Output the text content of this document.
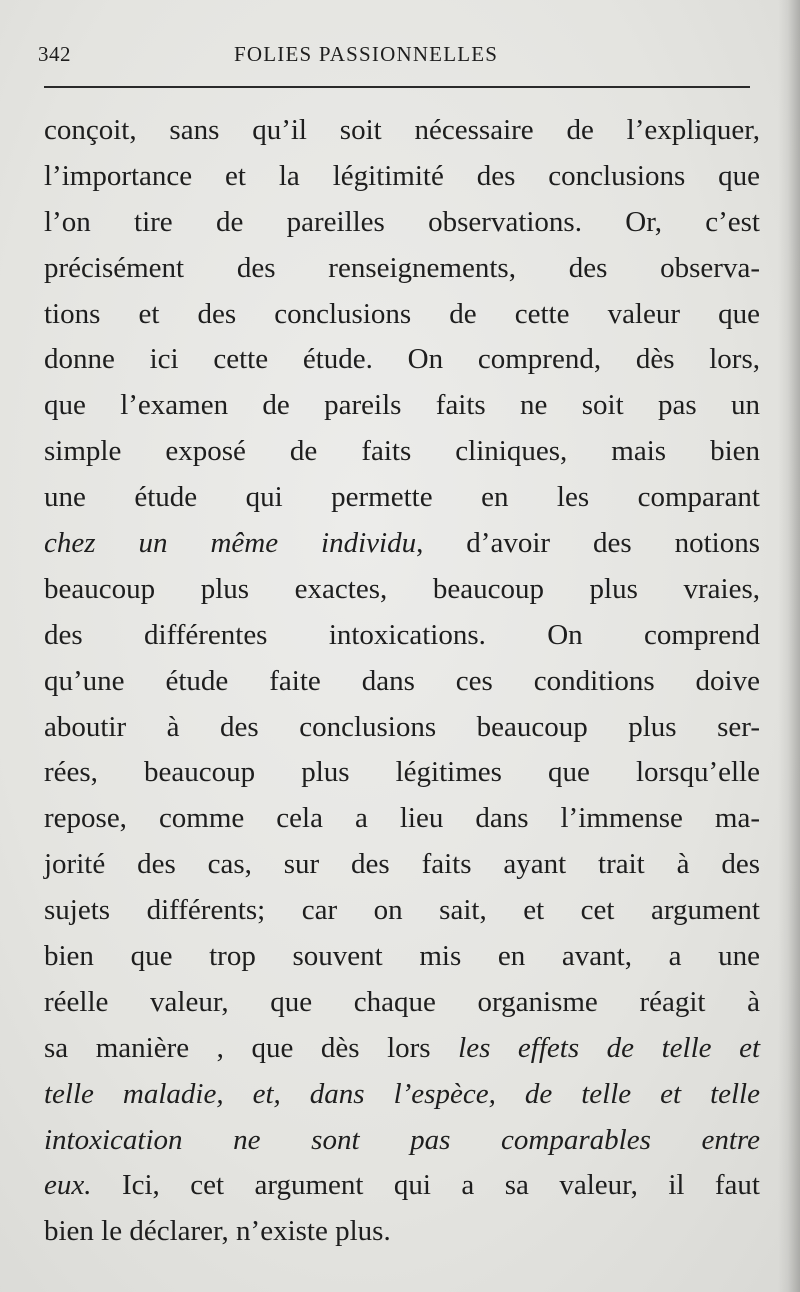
342	FOLIES PASSIONNELLES
conçoit, sans qu’il soit nécessaire de l’expliquer,
l’importance et la légitimité des conclusions que
l’on tire de pareilles observations. Or, c’est
précisément des renseignements, des observa-
tions et des conclusions de cette valeur que
donne ici cette étude. On comprend, dès lors,
que l’examen de pareils faits ne soit pas un
simple exposé de faits cliniques, mais bien
une étude qui permette en les comparant
chez un même individu, d’avoir des notions
beaucoup plus exactes, beaucoup plus vraies,
des différentes intoxications. On comprend
qu’une étude faite dans ces conditions doive
aboutir à des conclusions beaucoup plus ser-
rées, beaucoup plus légitimes que lorsqu’elle
repose, comme cela a lieu dans l’immense ma-
jorité des cas, sur des faits ayant trait à des
sujets différents; car on sait, et cet argument
bien que trop souvent mis en avant, a une
réelle valeur, que chaque organisme réagit à
sa manière , que dès lors les effets de telle et
telle maladie, et, dans l’espèce, de telle et telle
intoxication ne sont pas comparables entre
eux. Ici, cet argument qui a sa valeur, il faut
bien le déclarer, n’existe plus.
